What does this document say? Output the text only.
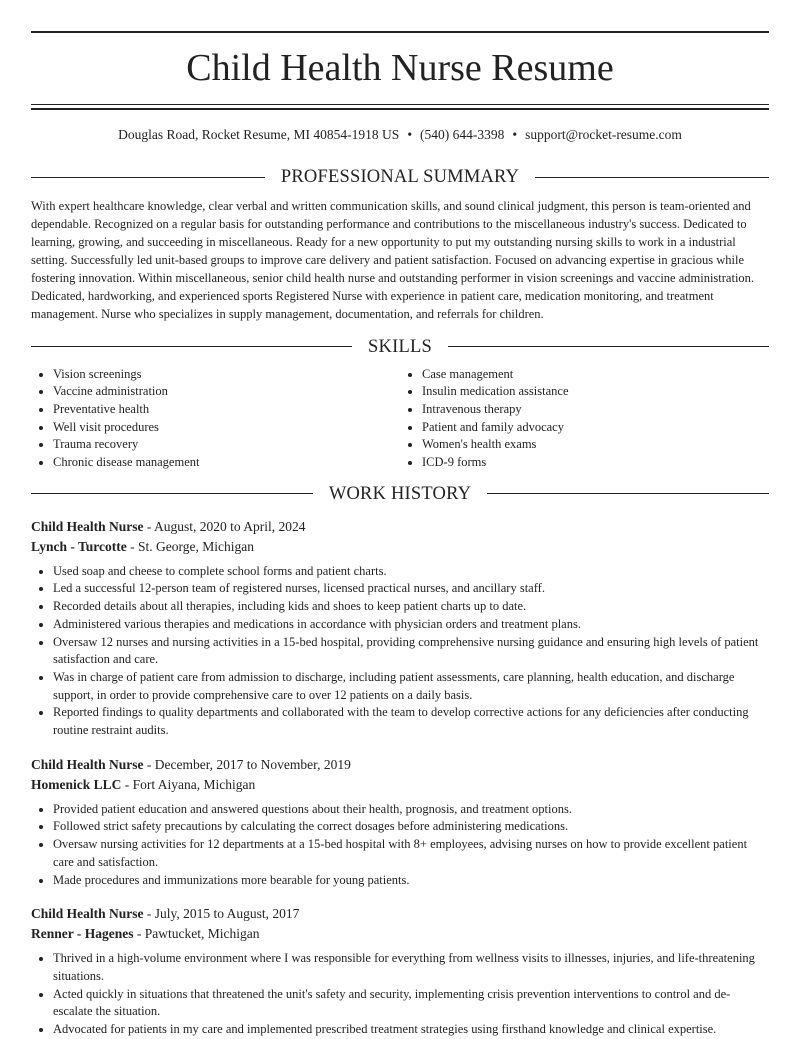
Child Health Nurse Resume
Douglas Road, Rocket Resume, MI 40854-1918 US • (540) 644-3398 • support@rocket-resume.com
PROFESSIONAL SUMMARY

With expert healthcare knowledge, clear verbal and written communication skills, and sound clinical judgment, this person is team-oriented and dependable. Recognized on a regular basis for outstanding performance and contributions to the miscellaneous industry's success. Dedicated to learning, growing, and succeeding in miscellaneous. Ready for a new opportunity to put my outstanding nursing skills to work in a industrial setting. Successfully led unit-based groups to improve care delivery and patient satisfaction. Focused on advancing expertise in gracious while fostering innovation. Within miscellaneous, senior child health nurse and outstanding performer in vision screenings and vaccine administration. Dedicated, hardworking, and experienced sports Registered Nurse with experience in patient care, medication monitoring, and treatment management. Nurse who specializes in supply management, documentation, and referrals for children.

SKILLS
• Vision screenings
• Vaccine administration
• Preventative health
• Well visit procedures
• Trauma recovery
• Chronic disease management
• Case management
• Insulin medication assistance
• Intravenous therapy
• Patient and family advocacy
• Women's health exams
• ICD-9 forms
WORK HISTORY
Child Health Nurse - August, 2020 to April, 2024
Lynch - Turcotte - St. George, Michigan
• Used soap and cheese to complete school forms and patient charts.
• Led a successful 12-person team of registered nurses, licensed practical nurses, and ancillary staff.
• Recorded details about all therapies, including kids and shoes to keep patient charts up to date.
• Administered various therapies and medications in accordance with physician orders and treatment plans.
• Oversaw 12 nurses and nursing activities in a 15-bed hospital, providing comprehensive nursing guidance and ensuring high levels of patient satisfaction and care.
• Was in charge of patient care from admission to discharge, including patient assessments, care planning, health education, and discharge support, in order to provide comprehensive care to over 12 patients on a daily basis.
• Reported findings to quality departments and collaborated with the team to develop corrective actions for any deficiencies after conducting routine restraint audits.
Child Health Nurse - December, 2017 to November, 2019
Homenick LLC - Fort Aiyana, Michigan
• Provided patient education and answered questions about their health, prognosis, and treatment options.
• Followed strict safety precautions by calculating the correct dosages before administering medications.
• Oversaw nursing activities for 12 departments at a 15-bed hospital with 8+ employees, advising nurses on how to provide excellent patient care and satisfaction.
• Made procedures and immunizations more bearable for young patients.
Child Health Nurse - July, 2015 to August, 2017
Renner - Hagenes - Pawtucket, Michigan
• Thrived in a high-volume environment where I was responsible for everything from wellness visits to illnesses, injuries, and life-threatening situations.
• Acted quickly in situations that threatened the unit's safety and security, implementing crisis prevention interventions to control and de-escalate the situation.
• Advocated for patients in my care and implemented prescribed treatment strategies using firsthand knowledge and clinical expertise.
